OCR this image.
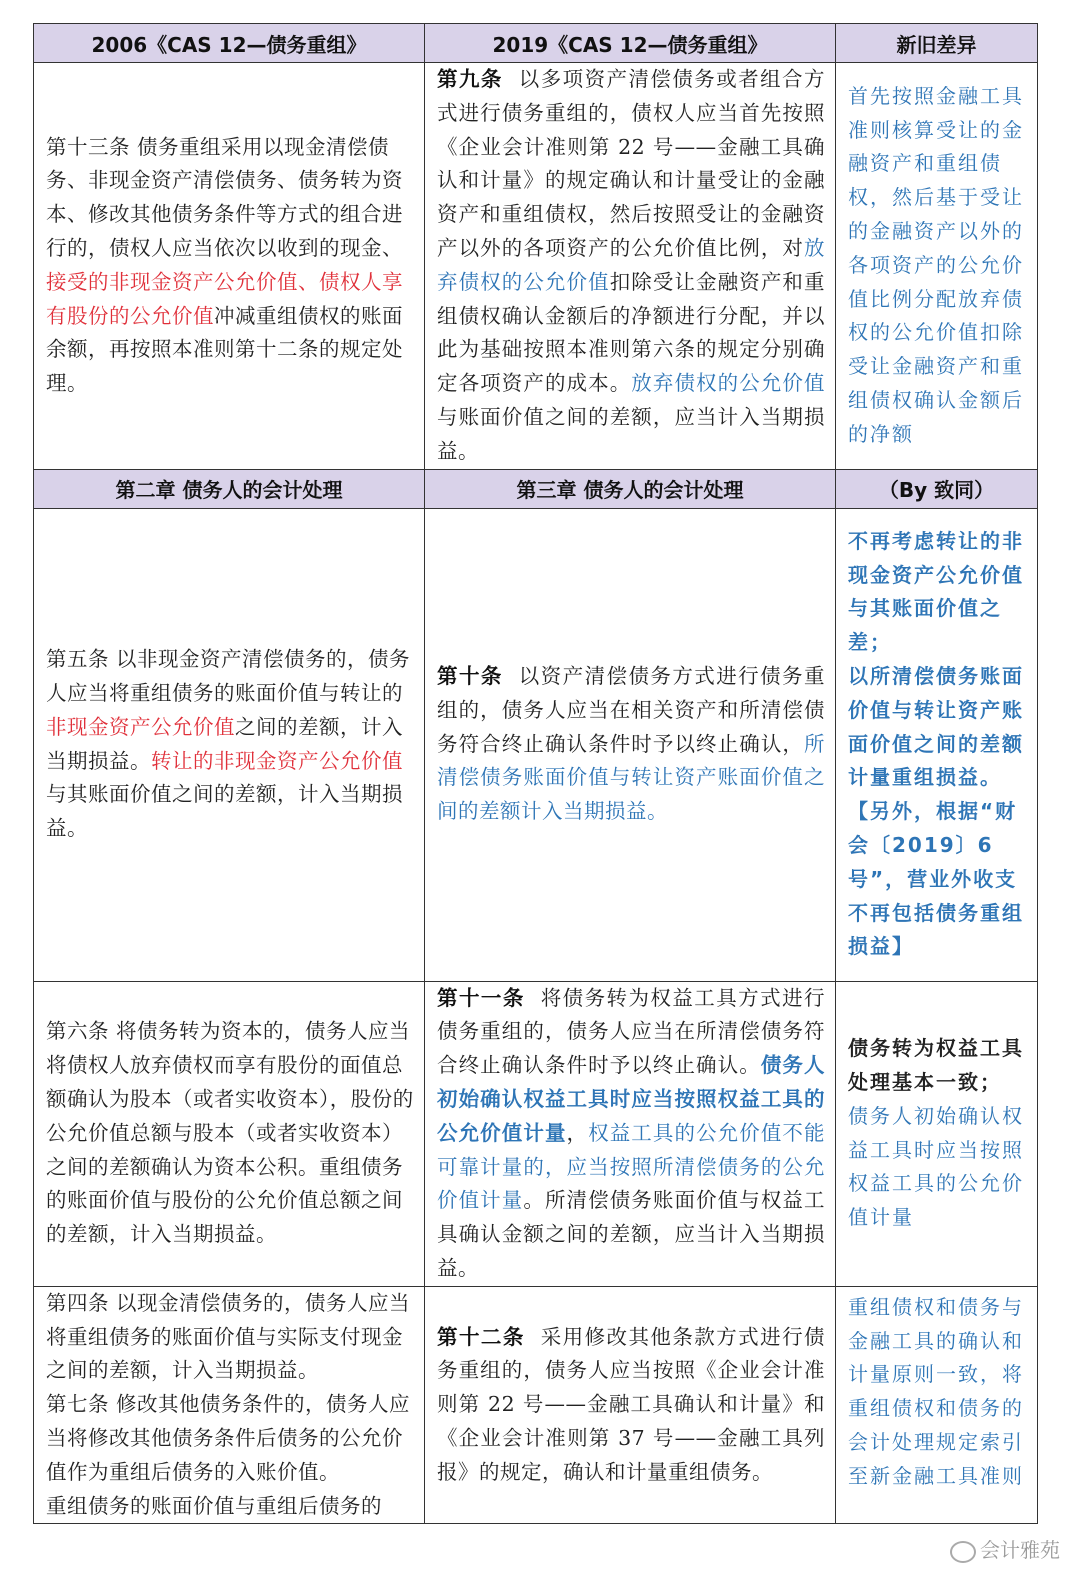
2006《CAS 12—债务重组》	2019《CAS 12—债务重组》	新旧差异

第十三条 债务重组采用以现金清偿债务、非现金资产清偿债务、债务转为资本、修改其他债务条件等方式的组合进行的，债权人应当依次以收到的现金、接受的非现金资产公允价值、债权人享有股份的公允价值冲减重组债权的账面余额，再按照本准则第十二条的规定处理。	第九条 以多项资产清偿债务或者组合方式进行债务重组的，债权人应当首先按照《企业会计准则第 22 号——金融工具确认和计量》的规定确认和计量受让的金融资产和重组债权，然后按照受让的金融资产以外的各项资产的公允价值比例，对放弃债权的公允价值扣除受让金融资产和重组债权确认金额后的净额进行分配，并以此为基础按照本准则第六条的规定分别确定各项资产的成本。放弃债权的公允价值与账面价值之间的差额，应当计入当期损益。	首先按照金融工具准则核算受让的金融资产和重组债权，然后基于受让的金融资产以外的各项资产的公允价值比例分配放弃债权的公允价值扣除受让金融资产和重组债权确认金额后的净额

第二章 债务人的会计处理	第三章 债务人的会计处理	（By 致同）

第五条 以非现金资产清偿债务的，债务人应当将重组债务的账面价值与转让的非现金资产公允价值之间的差额，计入当期损益。转让的非现金资产公允价值与其账面价值之间的差额，计入当期损益。	第十条 以资产清偿债务方式进行债务重组的，债务人应当在相关资产和所清偿债务符合终止确认条件时予以终止确认，所清偿债务账面价值与转让资产账面价值之间的差额计入当期损益。	不再考虑转让的非现金资产公允价值与其账面价值之差；
以所清偿债务账面价值与转让资产账面价值之间的差额计量重组损益。
【另外，根据“财会〔2019〕6号”，营业外收支不再包括债务重组损益】

第六条 将债务转为资本的，债务人应当将债权人放弃债权而享有股份的面值总额确认为股本（或者实收资本），股份的公允价值总额与股本（或者实收资本）之间的差额确认为资本公积。重组债务的账面价值与股份的公允价值总额之间的差额，计入当期损益。	第十一条 将债务转为权益工具方式进行债务重组的，债务人应当在所清偿债务符合终止确认条件时予以终止确认。债务人初始确认权益工具时应当按照权益工具的公允价值计量，权益工具的公允价值不能可靠计量的，应当按照所清偿债务的公允价值计量。所清偿债务账面价值与权益工具确认金额之间的差额，应当计入当期损益。	债务转为权益工具处理基本一致；
债务人初始确认权益工具时应当按照权益工具的公允价值计量

第四条 以现金清偿债务的，债务人应当将重组债务的账面价值与实际支付现金之间的差额，计入当期损益。
第七条 修改其他债务条件的，债务人应当将修改其他债务条件后债务的公允价值作为重组后债务的入账价值。
重组债务的账面价值与重组后债务的	第十二条 采用修改其他条款方式进行债务重组的，债务人应当按照《企业会计准则第 22 号——金融工具确认和计量》和《企业会计准则第 37 号——金融工具列报》的规定，确认和计量重组债务。	重组债权和债务与金融工具的确认和计量原则一致，将重组债权和债务的会计处理规定索引至新金融工具准则
会计雅苑
